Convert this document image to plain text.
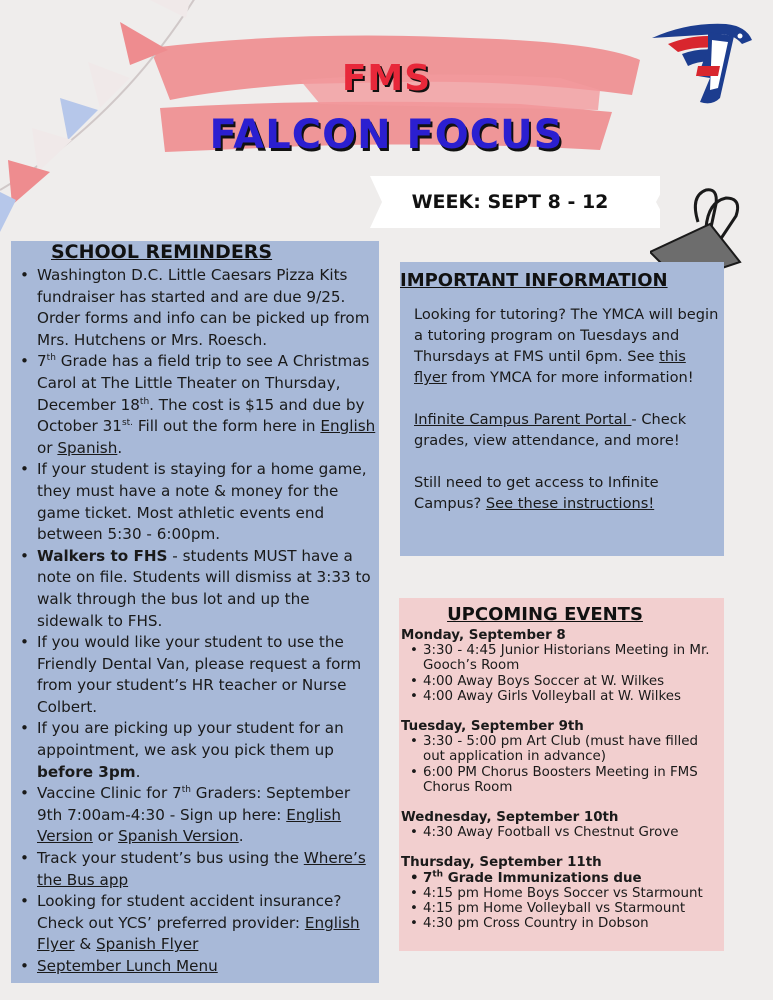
FMS
FALCON FOCUS
WEEK: SEPT 8 - 12
SCHOOL REMINDERS
• Washington D.C. Little Caesars Pizza Kits fundraiser has started and are due 9/25. Order forms and info can be picked up from Mrs. Hutchens or Mrs. Roesch.
• 7th Grade has a field trip to see A Christmas Carol at The Little Theater on Thursday, December 18th. The cost is $15 and due by October $31^{st.}$ Fill out the form here in English or Spanish.
• If your student is staying for a home game, they must have a note & money for the game ticket. Most athletic events end between 5:30 - 6:00pm.
• Walkers to FHS - students MUST have a note on file. Students will dismiss at 3:33 to walk through the bus lot and up the sidewalk to FHS.
• If you would like your student to use the Friendly Dental Van, please request a form from your student’s HR teacher or Nurse Colbert.
• If you are picking up your student for an appointment, we ask you pick them up before 3pm.
• Vaccine Clinic for 7th Graders: September 9th 7:00am-4:30 - Sign up here: English Version or Spanish Version.
• Track your student’s bus using the Where’s the Bus app
• Looking for student accident insurance? Check out YCS’ preferred provider: English Flyer & Spanish Flyer
• September Lunch Menu
IMPORTANT INFORMATION

Looking for tutoring? The YMCA will begin a tutoring program on Tuesdays and Thursdays at FMS until 6pm. See this flyer from YMCA for more information!

Infinite Campus Parent Portal - Check grades, view attendance, and more!

Still need to get access to Infinite Campus? See these instructions!

UPCOMING EVENTS

Monday, September 8

• 3:30 - 4:45 Junior Historians Meeting in Mr. Gooch’s Room
• 4:00 Away Boys Soccer at W. Wilkes
• 4:00 Away Girls Volleyball at W. Wilkes

Tuesday, September 9th

• 3:30 - 5:00 pm Art Club (must have filled out application in advance)
• 6:00 PM Chorus Boosters Meeting in FMS Chorus Room

Wednesday, September 10th

• 4:30 Away Football vs Chestnut Grove

Thursday, September 11th

• 7th Grade Immunizations due
• 4:15 pm Home Boys Soccer vs Starmount
• 4:15 pm Home Volleyball vs Starmount
• 4:30 pm Cross Country in Dobson
